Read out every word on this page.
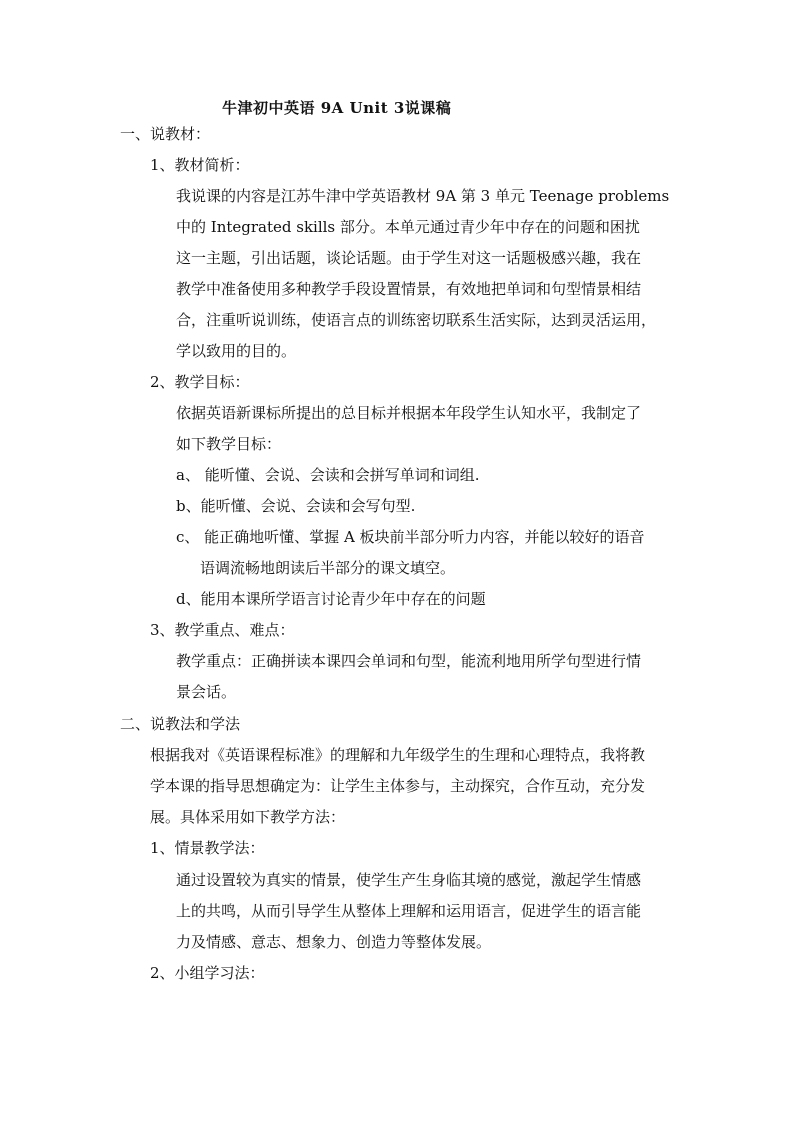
牛津初中英语 9A Unit 3说课稿
一、说教材：
1、教材简析：
我说课的内容是江苏牛津中学英语教材 9A 第 3 单元 Teenage problems
中的 Integrated skills 部分。本单元通过青少年中存在的问题和困扰
这一主题，引出话题，谈论话题。由于学生对这一话题极感兴趣，我在
教学中准备使用多种教学手段设置情景，有效地把单词和句型情景相结
合，注重听说训练，使语言点的训练密切联系生活实际，达到灵活运用，
学以致用的目的。
2、教学目标：
依据英语新课标所提出的总目标并根据本年段学生认知水平，我制定了
如下教学目标：
a、 能听懂、会说、会读和会拼写单词和词组.
b、能听懂、会说、会读和会写句型.
c、 能正确地听懂、掌握 A 板块前半部分听力内容，并能以较好的语音
语调流畅地朗读后半部分的课文填空。
d、能用本课所学语言讨论青少年中存在的问题
3、教学重点、难点：
教学重点：正确拼读本课四会单词和句型，能流利地用所学句型进行情
景会话。
二、说教法和学法
根据我对《英语课程标准》的理解和九年级学生的生理和心理特点，我将教
学本课的指导思想确定为：让学生主体参与，主动探究，合作互动，充分发
展。具体采用如下教学方法：
1、情景教学法：
通过设置较为真实的情景，使学生产生身临其境的感觉，激起学生情感
上的共鸣，从而引导学生从整体上理解和运用语言，促进学生的语言能
力及情感、意志、想象力、创造力等整体发展。
2、小组学习法：
